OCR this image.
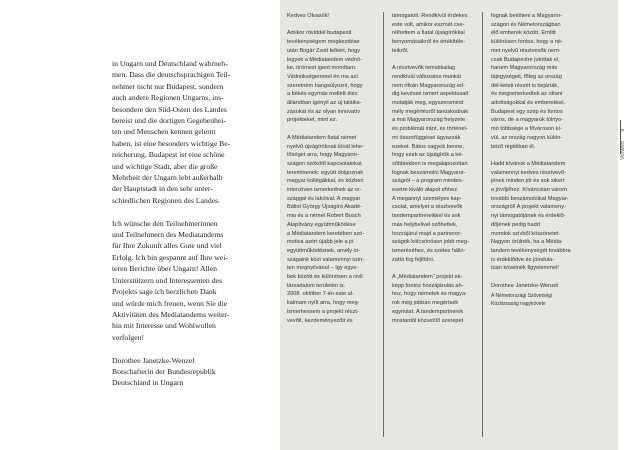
in Ungarn und Deutschland wahrneh-
men. Dass die deutschsprachigen Teil-
nehmer nicht nur Budapest, sondern
auch andere Regionen Ungarns, ins-
besondere den Süd-Osten des Landes
bereist und die dortigen Gegebenhei-
ten und Menschen kennen gelernt
haben, ist eine besonders wichtige Be-
reicherung. Budapest ist eine schöne
und wichtige Stadt, aber die große
Mehrheit der Ungarn lebt außerhalb
der Hauptstadt in den sehr unter-
schiedlichen Regionen des Landes.

Ich wünsche den Teilnehmerinnen
und Teilnehmern des Mediatandems
für Ihre Zukunft alles Gute und viel
Erfolg. Ich bin gespannt auf Ihre wei-
teren Berichte über Ungarn! Allen
Unterstützern und Interessenten des
Projekts sage ich herzlichen Dank
und würde mich freuen, wenn Sie die
Aktivitäten des Mediatandems weiter-
hin mit Interesse und Wohlwollen
verfolgen!

Dorothee Janetzke-Wenzel
Botschafterin der Bundesrepublik
Deutschland in Ungarn

Kedves Olvasók!

Amikor röviddel budapesti
tevékenységem megkezdése
után Bogár Zsolt felkért, hogy
legyek a Médiatandem védnö-
ke, örömest igent mondtam.
Védnökségemmel én ma azt
szeretném hangsúlyozni, hogy
a békés egymás mellett élés
állandóan igényli az új találko-
zásokat és az olyan innovatív
projekteket, mint ez.

A Médiatandem fiatal német
nyelvű újságíróknak kínál lehe-
tőséget arra, hogy Magyaror-
szágon szókötő kapcsolatokat
teremtsenek: együtt dolgoznak
magyar kollégákkal, és közben
intenzíven ismerkednek az or-
szággal és lakóival. A magyar
Bálint György Újságíró Akadé-
mia és a német Robert Bosch
Alapítvány együttműködése
a Médiatandem keretében szó-
motiva azért újabb jele a jó
együttműködésnek, amely or-
szágaink közt valamennyi szin-
ten megnyilvánul – így egye-
bek között és különösen a civil
társadalom területén is.
2008. október 7-én este al-
kalmam nyílt arra, hogy meg-
ismerhessem a projekt részt-
vevőit, kezdeményezőit és

támogatóit. Rendkívül érdekes
este volt, amikor eszmét cse-
rélhettem a fiatal újságírókkal
benyomásaikról és értékítéle-
teikről.

A résztvevők tematikailag
rendkívül változatos munkái
nem ritkán Magyarország ed-
dig kevéssé ismert aspektusait
mutatják meg, egyszersmind
mély megértésről tanúskodnak
a mai Magyarország helyzete
és problémái iránt, és történel-
mi összefüggései ágyazzák
ezeket. Bátos vagyok benne,
hogy ezek az újságírók a ké-
sőbbiekben is megalapozottan
fognak beszámolni Magyaror-
szágról – a program minden-
esetre kiváló alapot ehhez.
A megannyi személyes kap-
csolat, amelyet a résztvevők
tandempartnereikkel és sok
más helybelivel szőhettek,
hozzájárul majd a partneror-
szágok kölcsönösen jobb meg-
ismeréséhez, és széles hálló-
zattá fog fejlődni.

A „Médiatandem" projekt ek-
képp fontos hozzájárulás ah-
hoz, hogy németek és magya-
rok még jobban megértsék
egymást. A tandempartnerek
mostantól közvetítő szerepet

fognak betölteni a Magyaror-
szágon és Németországban
élő emberek között. Ernlitt
különösen fontos, hogy a né-
met nyelvű résztvevők nem-
csak Budapestre jutottak el,
hanem Magyarország más
tájegységeit, főleg az ország
dél-keleti részét is bejárták,
és megismerkedtek az ottani
adottságokkal és emberekkel.
Budapest egy szép és fontos
város, de a magyarok túlnyo-
mó többsége a fővároson kí-
vül, az ország nagyon külön-
böző régióiban él.

Hadd kívánok a Médiatandem
valamennyi kedves résztvevő-
jének minden jót és sok sikert
a jövőjéhez. Kíváncsian várom
további beszámolóikat Magyar-
országról! A projekt valameny-
nyi támogatójának és érdeklő-
dőjének pedig hadd
mondok szívből köszönetet.
Nagyon örülnék, ha a Média-
tandem tevékenységét továbbra
is érdeklődve és jóindula-
túan követnék figyelemmel!

Dorothee Janetzke-Wenzel

A Németországi Szövetségi
Köztársaság nagykövete

Vorwort  9
